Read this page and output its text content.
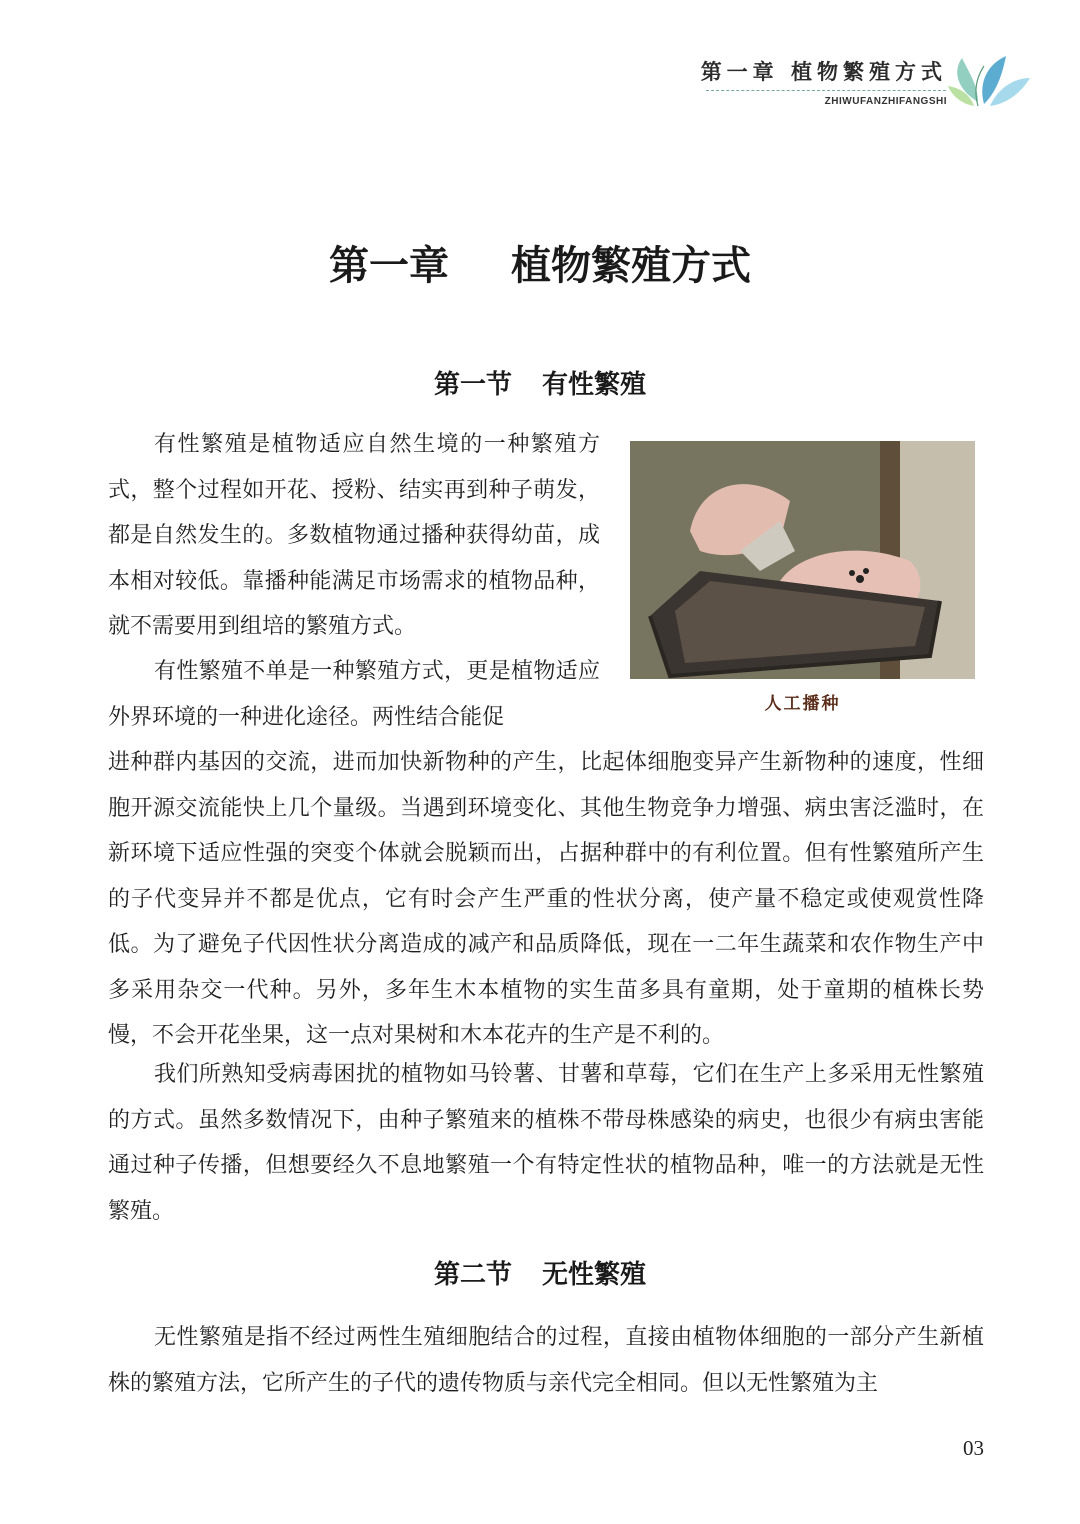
第一章 植物繁殖方式
ZHIWUFANZHIFANGSHI
第一章 植物繁殖方式
第一节 有性繁殖

有性繁殖是植物适应自然生境的一种繁殖方式，整个过程如开花、授粉、结实再到种子萌发，都是自然发生的。多数植物通过播种获得幼苗，成本相对较低。靠播种能满足市场需求的植物品种，就不需要用到组培的繁殖方式。

有性繁殖不单是一种繁殖方式，更是植物适应外界环境的一种进化途径。两性结合能促

进种群内基因的交流，进而加快新物种的产生，比起体细胞变异产生新物种的速度，性细胞开源交流能快上几个量级。当遇到环境变化、其他生物竞争力增强、病虫害泛滥时，在新环境下适应性强的突变个体就会脱颖而出，占据种群中的有利位置。但有性繁殖所产生的子代变异并不都是优点，它有时会产生严重的性状分离，使产量不稳定或使观赏性降低。为了避免子代因性状分离造成的减产和品质降低，现在一二年生蔬菜和农作物生产中多采用杂交一代种。另外，多年生木本植物的实生苗多具有童期，处于童期的植株长势慢，不会开花坐果，这一点对果树和木本花卉的生产是不利的。

我们所熟知受病毒困扰的植物如马铃薯、甘薯和草莓，它们在生产上多采用无性繁殖的方式。虽然多数情况下，由种子繁殖来的植株不带母株感染的病史，也很少有病虫害能通过种子传播，但想要经久不息地繁殖一个有特定性状的植物品种，唯一的方法就是无性繁殖。

人工播种
第二节 无性繁殖

无性繁殖是指不经过两性生殖细胞结合的过程，直接由植物体细胞的一部分产生新植株的繁殖方法，它所产生的子代的遗传物质与亲代完全相同。但以无性繁殖为主

03
